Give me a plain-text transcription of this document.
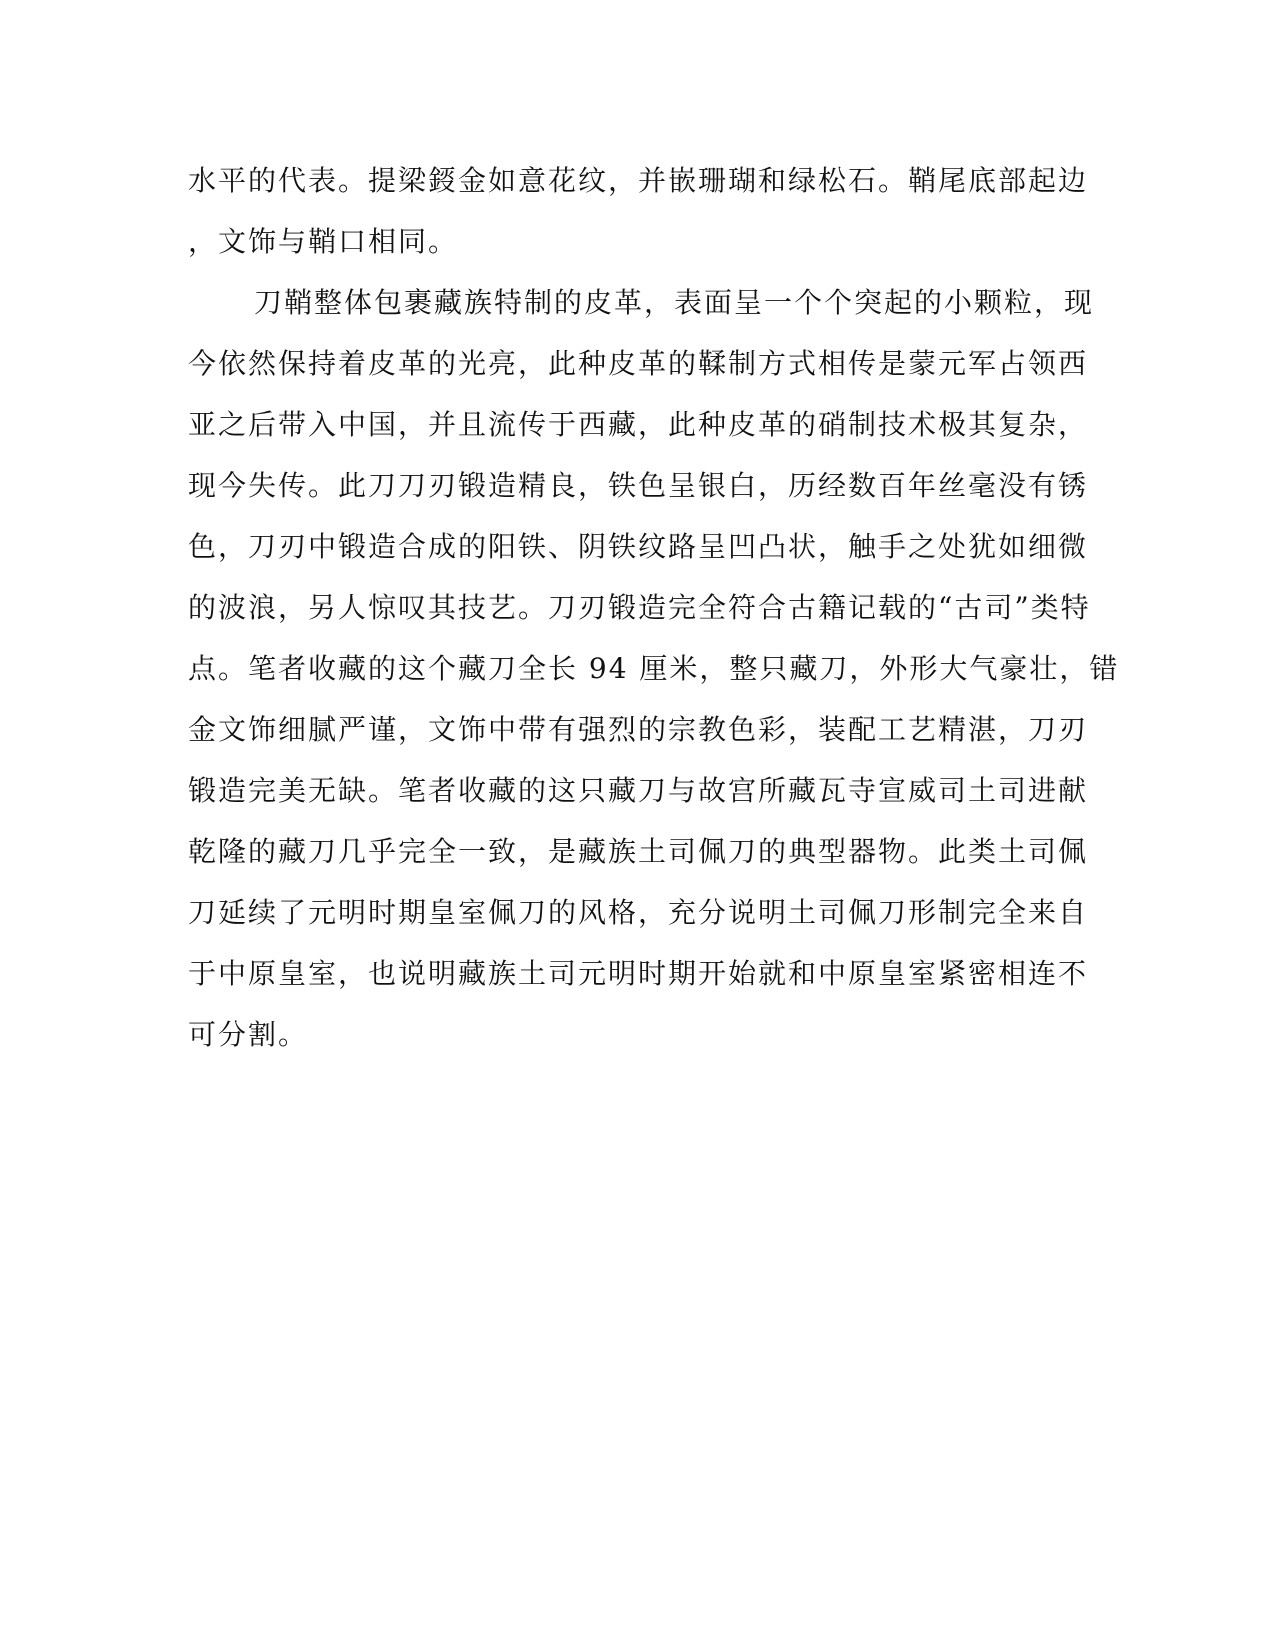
水平的代表。提梁鋄金如意花纹，并嵌珊瑚和绿松石。鞘尾底部起边
，文饰与鞘口相同。
刀鞘整体包裹藏族特制的皮革，表面呈一个个突起的小颗粒，现
今依然保持着皮革的光亮，此种皮革的鞣制方式相传是蒙元军占领西
亚之后带入中国，并且流传于西藏，此种皮革的硝制技术极其复杂，
现今失传。此刀刀刃锻造精良，铁色呈银白，历经数百年丝毫没有锈
色，刀刃中锻造合成的阳铁、阴铁纹路呈凹凸状，触手之处犹如细微
的波浪，另人惊叹其技艺。刀刃锻造完全符合古籍记载的“古司”类特
点。笔者收藏的这个藏刀全长 94 厘米，整只藏刀，外形大气豪壮，错
金文饰细腻严谨，文饰中带有强烈的宗教色彩，装配工艺精湛，刀刃
锻造完美无缺。笔者收藏的这只藏刀与故宫所藏瓦寺宣威司土司进献
乾隆的藏刀几乎完全一致，是藏族土司佩刀的典型器物。此类土司佩
刀延续了元明时期皇室佩刀的风格，充分说明土司佩刀形制完全来自
于中原皇室，也说明藏族土司元明时期开始就和中原皇室紧密相连不
可分割。
